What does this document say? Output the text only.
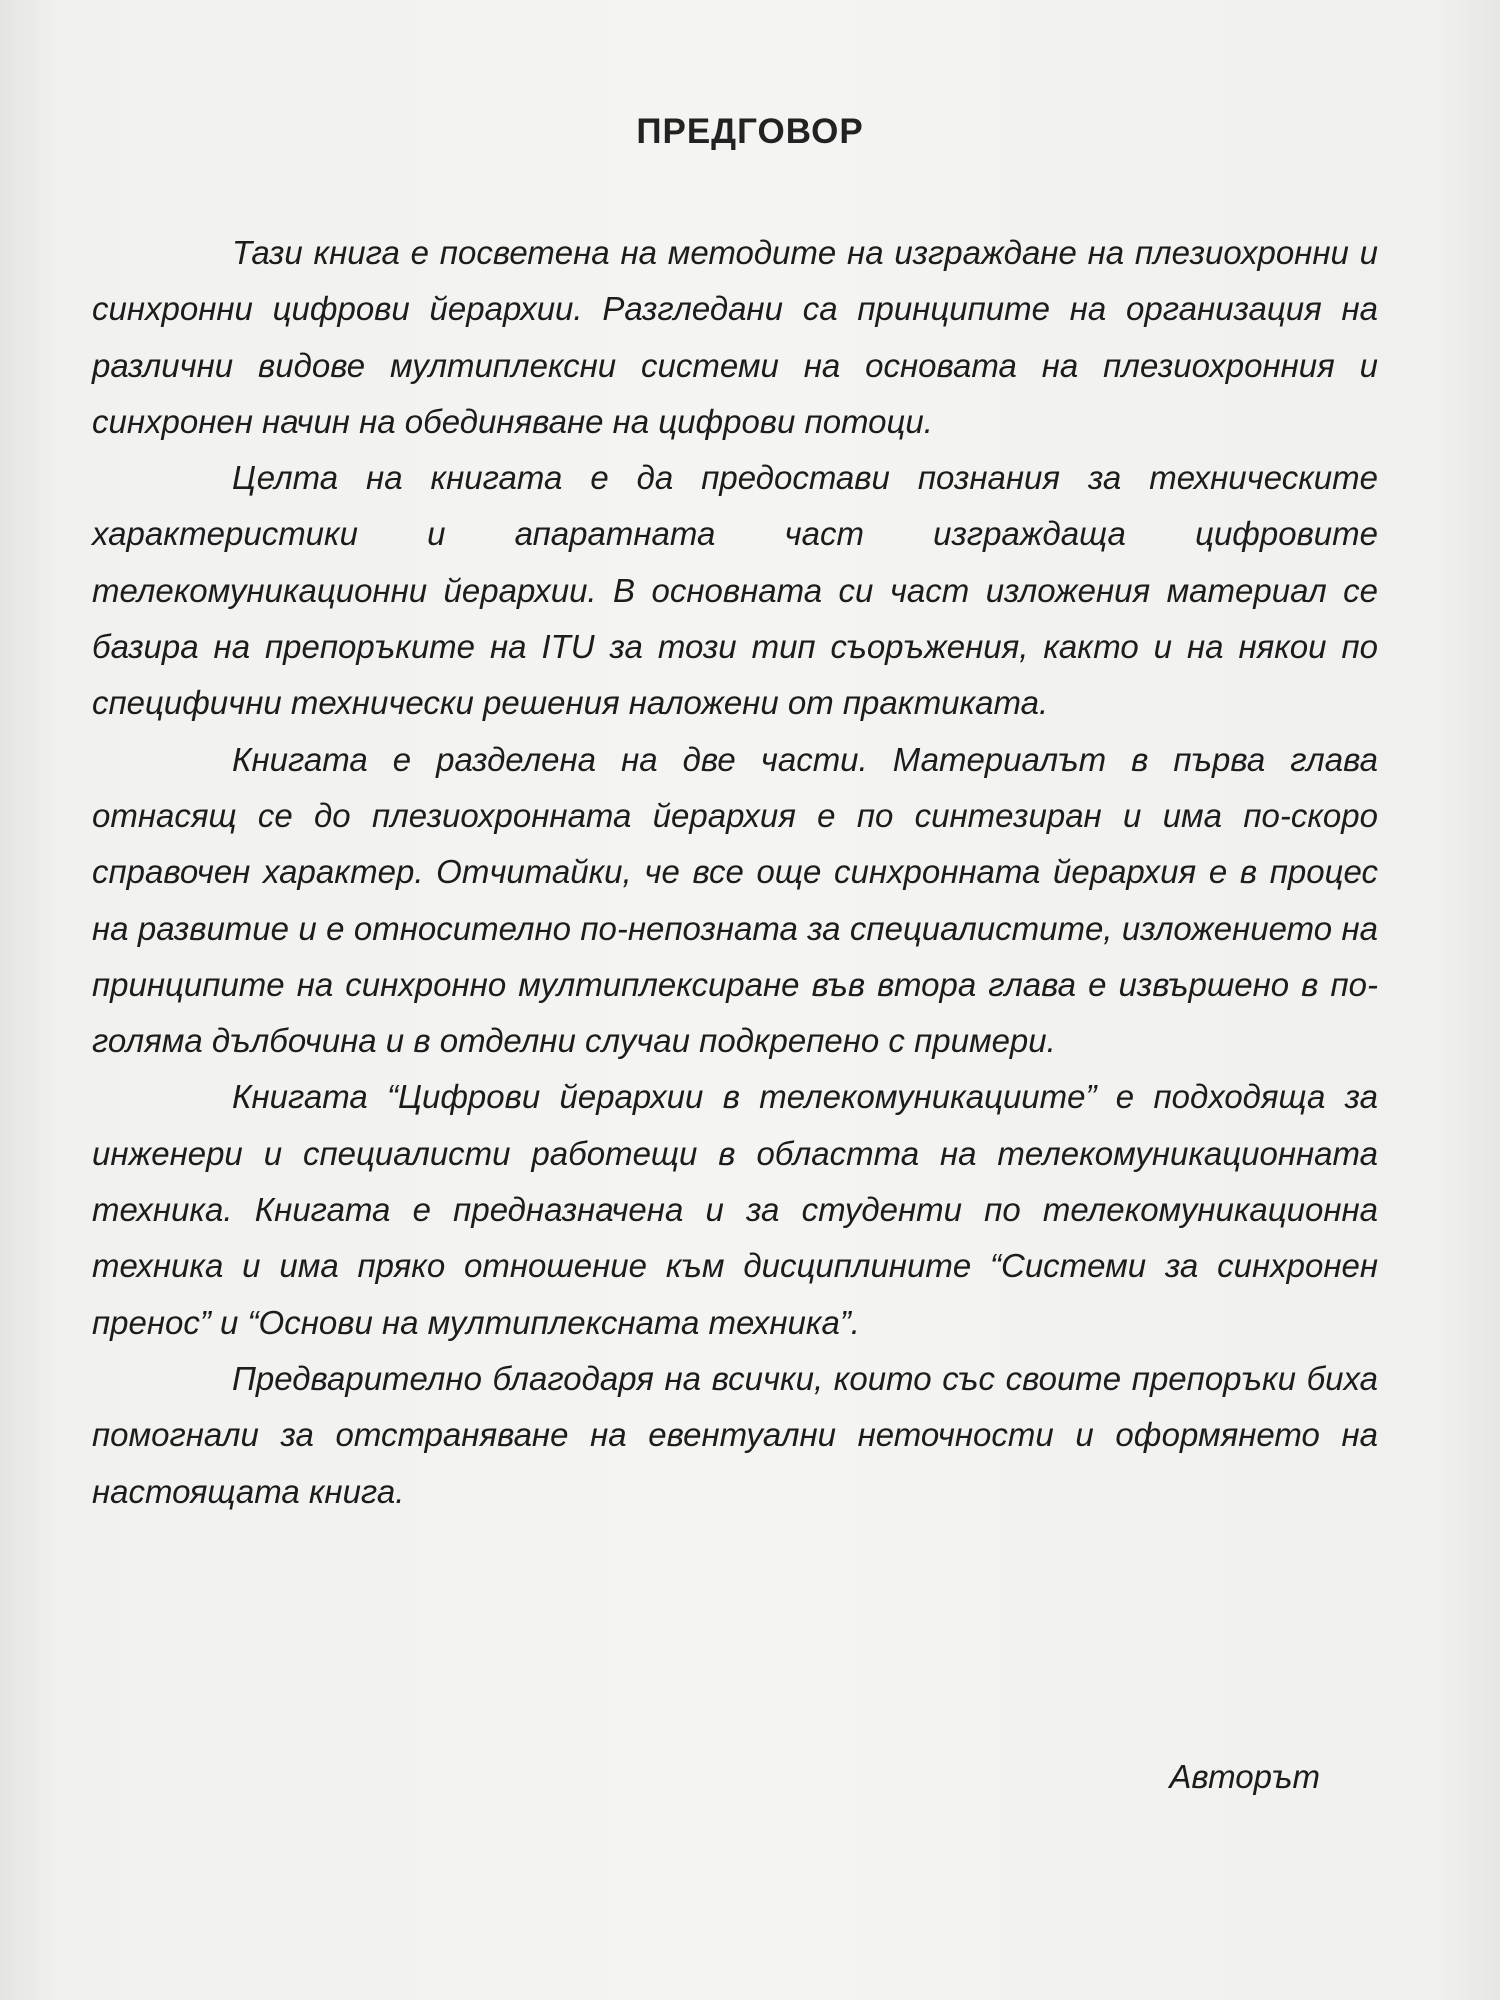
ПРЕДГОВОР

Тази книга е посветена на методите на изграждане на плезиохронни и синхронни цифрови йерархии. Разгледани са принципите на организация на различни видове мултиплексни системи на основата на плезиохронния и синхронен начин на обединяване на цифрови потоци.

Целта на книгата е да предостави познания за техническите характеристики и апаратната част изграждаща цифровите телекомуникационни йерархии. В основната си част изложения материал се базира на препоръките на ITU за този тип съоръжения, както и на някои по специфични технически решения наложени от практиката.

Книгата е разделена на две части. Материалът в първа глава отнасящ се до плезиохронната йерархия е по синтезиран и има по-скоро справочен характер. Отчитайки, че все още синхронната йерархия е в процес на развитие и е относително по-непозната за специалистите, изложението на принципите на синхронно мултиплексиране във втора глава е извършено в по-голяма дълбочина и в отделни случаи подкрепено с примери.

Книгата “Цифрови йерархии в телекомуникациите” е подходяща за инженери и специалисти работещи в областта на телекомуникационната техника. Книгата е предназначена и за студенти по телекомуникационна техника и има пряко отношение към дисциплините “Системи за синхронен пренос” и “Основи на мултиплексната техника”.

Предварително благодаря на всички, които със своите препоръки биха помогнали за отстраняване на евентуални неточности и оформянето на настоящата книга.

Авторът
